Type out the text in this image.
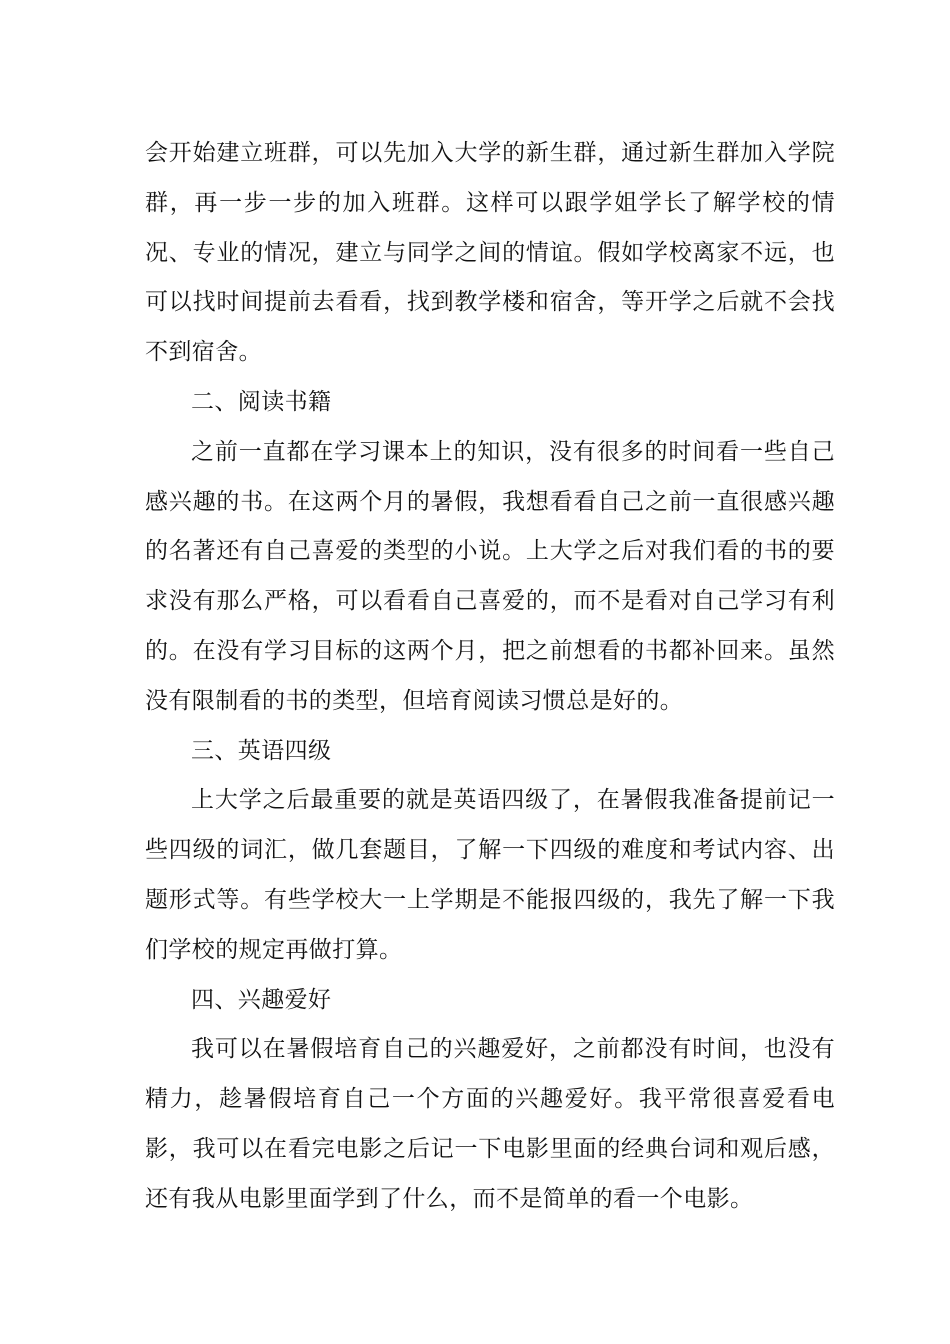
会开始建立班群，可以先加入大学的新生群，通过新生群加入学院群，再一步一步的加入班群。这样可以跟学姐学长了解学校的情况、专业的情况，建立与同学之间的情谊。假如学校离家不远，也可以找时间提前去看看，找到教学楼和宿舍，等开学之后就不会找不到宿舍。

二、阅读书籍

之前一直都在学习课本上的知识，没有很多的时间看一些自己感兴趣的书。在这两个月的暑假，我想看看自己之前一直很感兴趣的名著还有自己喜爱的类型的小说。上大学之后对我们看的书的要求没有那么严格，可以看看自己喜爱的，而不是看对自己学习有利的。在没有学习目标的这两个月，把之前想看的书都补回来。虽然没有限制看的书的类型，但培育阅读习惯总是好的。

三、英语四级

上大学之后最重要的就是英语四级了，在暑假我准备提前记一些四级的词汇，做几套题目，了解一下四级的难度和考试内容、出题形式等。有些学校大一上学期是不能报四级的，我先了解一下我们学校的规定再做打算。

四、兴趣爱好

我可以在暑假培育自己的兴趣爱好，之前都没有时间，也没有精力，趁暑假培育自己一个方面的兴趣爱好。我平常很喜爱看电影，我可以在看完电影之后记一下电影里面的经典台词和观后感，还有我从电影里面学到了什么，而不是简单的看一个电影。
